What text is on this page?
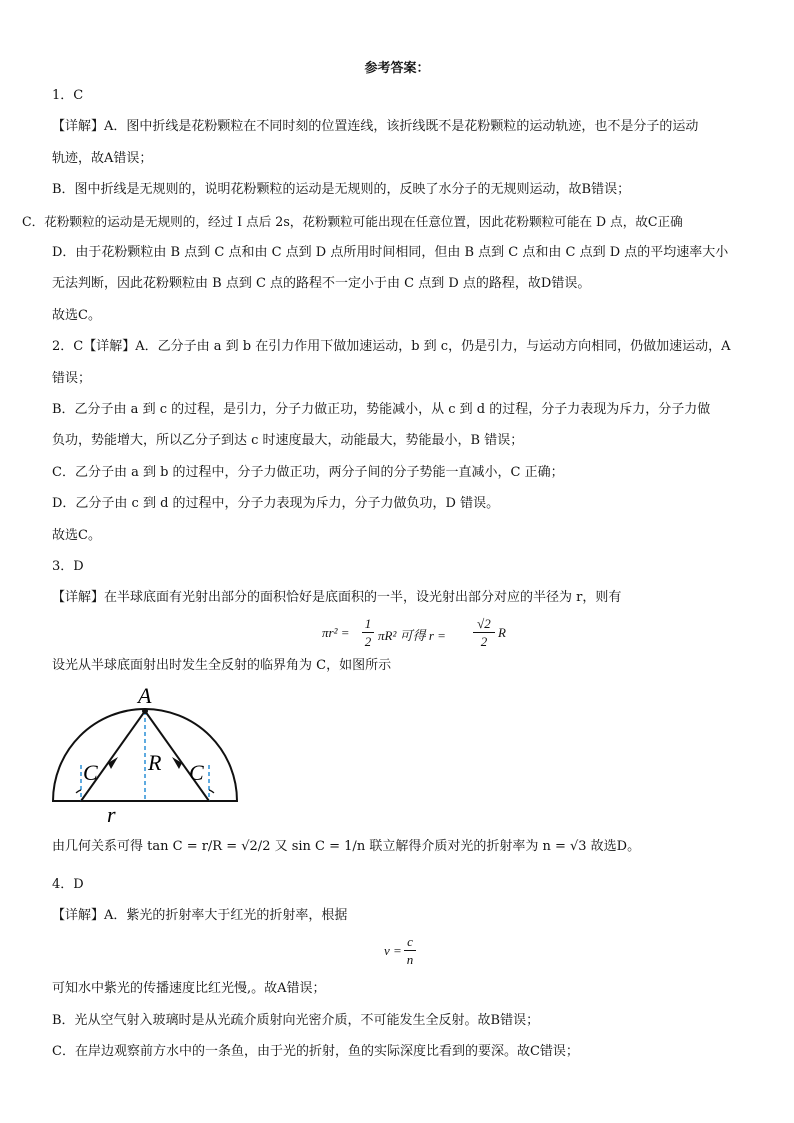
参考答案：
1．C
【详解】A．图中折线是花粉颗粒在不同时刻的位置连线，该折线既不是花粉颗粒的运动轨迹，也不是分子的运动
轨迹，故A错误；
B．图中折线是无规则的，说明花粉颗粒的运动是无规则的，反映了水分子的无规则运动，故B错误；
C．花粉颗粒的运动是无规则的，经过 I 点后 2s，花粉颗粒可能出现在任意位置，因此花粉颗粒可能在 D 点，故C正确
D．由于花粉颗粒由 B 点到 C 点和由 C 点到 D 点所用时间相同，但由 B 点到 C 点和由 C 点到 D 点的平均速率大小
无法判断，因此花粉颗粒由 B 点到 C 点的路程不一定小于由 C 点到 D 点的路程，故D错误。
故选C。
2．C【详解】A．乙分子由 a 到 b 在引力作用下做加速运动，b 到 c，仍是引力，与运动方向相同，仍做加速运动，A
错误；
B．乙分子由 a 到 c 的过程，是引力，分子力做正功，势能减小，从 c 到 d 的过程，分子力表现为斥力，分子力做
负功，势能增大，所以乙分子到达 c 时速度最大，动能最大，势能最小，B 错误；
C．乙分子由 a 到 b 的过程中，分子力做正功，两分子间的分子势能一直减小，C 正确；
D．乙分子由 c 到 d 的过程中，分子力表现为斥力，分子力做负功，D 错误。
故选C。
3．D
【详解】在半球底面有光射出部分的面积恰好是底面积的一半，设光射出部分对应的半径为 r，则有
πr² =
1
2 πR² 可得 r =
√2
2
R
设光从半球底面射出时发生全反射的临界角为 C，如图所示
A
R
C	C
r
由几何关系可得 tan C = r/R = √2/2 又 sin C = 1/n 联立解得介质对光的折射率为 n = √3 故选D。
4．D
【详解】A．紫光的折射率大于红光的折射率，根据
v =
c
n
可知水中紫光的传播速度比红光慢,。故A错误；
B．光从空气射入玻璃时是从光疏介质射向光密介质，不可能发生全反射。故B错误；
C．在岸边观察前方水中的一条鱼，由于光的折射，鱼的实际深度比看到的要深。故C错误；
